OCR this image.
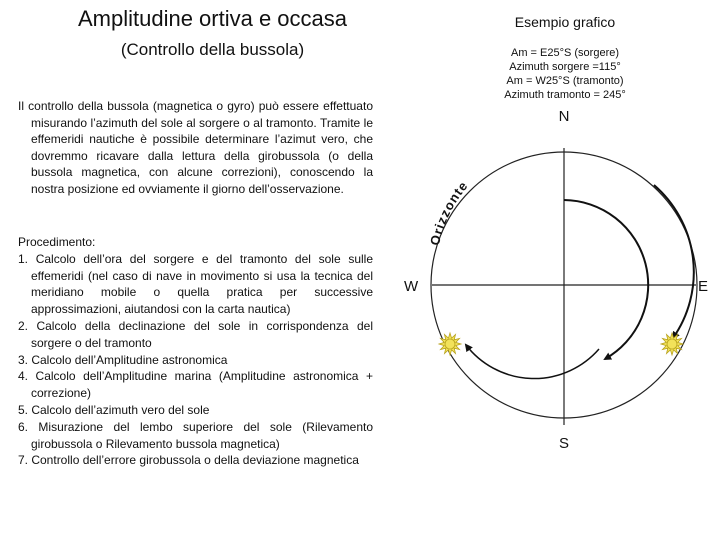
Amplitudine ortiva e occasa
(Controllo della bussola)
Il controllo della bussola (magnetica o gyro) può essere effettuato misurando l’azimuth del sole al sorgere o al tramonto. Tramite le effemeridi nautiche è possibile determinare l’azimut vero, che dovremmo ricavare dalla lettura della girobussola (o della bussola magnetica, con alcune correzioni), conoscendo la nostra posizione ed ovviamente il giorno dell’osservazione.
Procedimento:
1. Calcolo dell’ora del sorgere e del tramonto del sole sulle effemeridi (nel caso di nave in movimento si usa la tecnica del meridiano mobile o quella pratica per successive approssimazioni, aiutandosi con la carta nautica)
2. Calcolo della declinazione del sole in corrispondenza del sorgere o del tramonto
3. Calcolo dell’Amplitudine astronomica
4. Calcolo dell’Amplitudine marina (Amplitudine astronomica + correzione)
5. Calcolo dell’azimuth vero del sole
6. Misurazione del lembo superiore del sole (Rilevamento girobussola o Rilevamento bussola magnetica)
7. Controllo dell’errore girobussola o della deviazione magnetica
Esempio grafico
Am = E25°S (sorgere)
Azimuth sorgere =115°
Am = W25°S (tramonto)
Azimuth tramonto = 245°
N
S
E
W
Orizzonte
